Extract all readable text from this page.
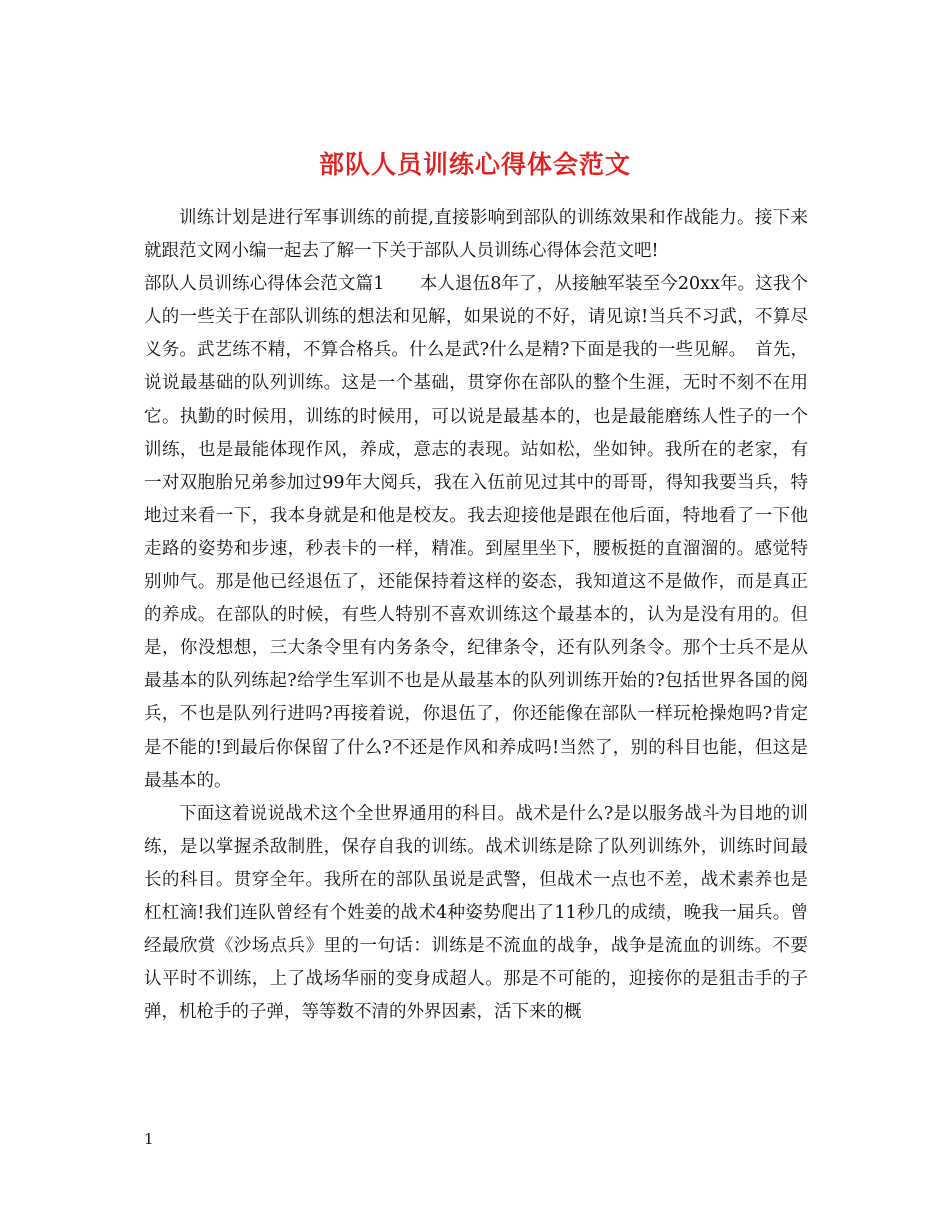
部队人员训练心得体会范文

训练计划是进行军事训练的前提,直接影响到部队的训练效果和作战能力。接下来就跟范文网小编一起去了解一下关于部队人员训练心得体会范文吧!

部队人员训练心得体会范文篇1　　本人退伍8年了，从接触军装至今20xx年。这我个人的一些关于在部队训练的想法和见解，如果说的不好，请见谅!当兵不习武，不算尽义务。武艺练不精，不算合格兵。什么是武?什么是精?下面是我的一些见解。　首先，说说最基础的队列训练。这是一个基础，贯穿你在部队的整个生涯，无时不刻不在用它。执勤的时候用，训练的时候用，可以说是最基本的，也是最能磨练人性子的一个训练，也是最能体现作风，养成，意志的表现。站如松，坐如钟。我所在的老家，有一对双胞胎兄弟参加过99年大阅兵，我在入伍前见过其中的哥哥，得知我要当兵，特地过来看一下，我本身就是和他是校友。我去迎接他是跟在他后面，特地看了一下他走路的姿势和步速，秒表卡的一样，精准。到屋里坐下，腰板挺的直溜溜的。感觉特别帅气。那是他已经退伍了，还能保持着这样的姿态，我知道这不是做作，而是真正的养成。在部队的时候，有些人特别不喜欢训练这个最基本的，认为是没有用的。但是，你没想想，三大条令里有内务条令，纪律条令，还有队列条令。那个士兵不是从最基本的队列练起?给学生军训不也是从最基本的队列训练开始的?包括世界各国的阅兵，不也是队列行进吗?再接着说，你退伍了，你还能像在部队一样玩枪操炮吗?肯定是不能的!到最后你保留了什么?不还是作风和养成吗!当然了，别的科目也能，但这是最基本的。

下面这着说说战术这个全世界通用的科目。战术是什么?是以服务战斗为目地的训练，是以掌握杀敌制胜，保存自我的训练。战术训练是除了队列训练外，训练时间最长的科目。贯穿全年。我所在的部队虽说是武警，但战术一点也不差，战术素养也是杠杠滴!我们连队曾经有个姓姜的战术4种姿势爬出了11秒几的成绩，晚我一届兵。曾经最欣赏《沙场点兵》里的一句话：训练是不流血的战争，战争是流血的训练。不要认平时不训练，上了战场华丽的变身成超人。那是不可能的，迎接你的是狙击手的子弹，机枪手的子弹，等等数不清的外界因素，活下来的概

1
